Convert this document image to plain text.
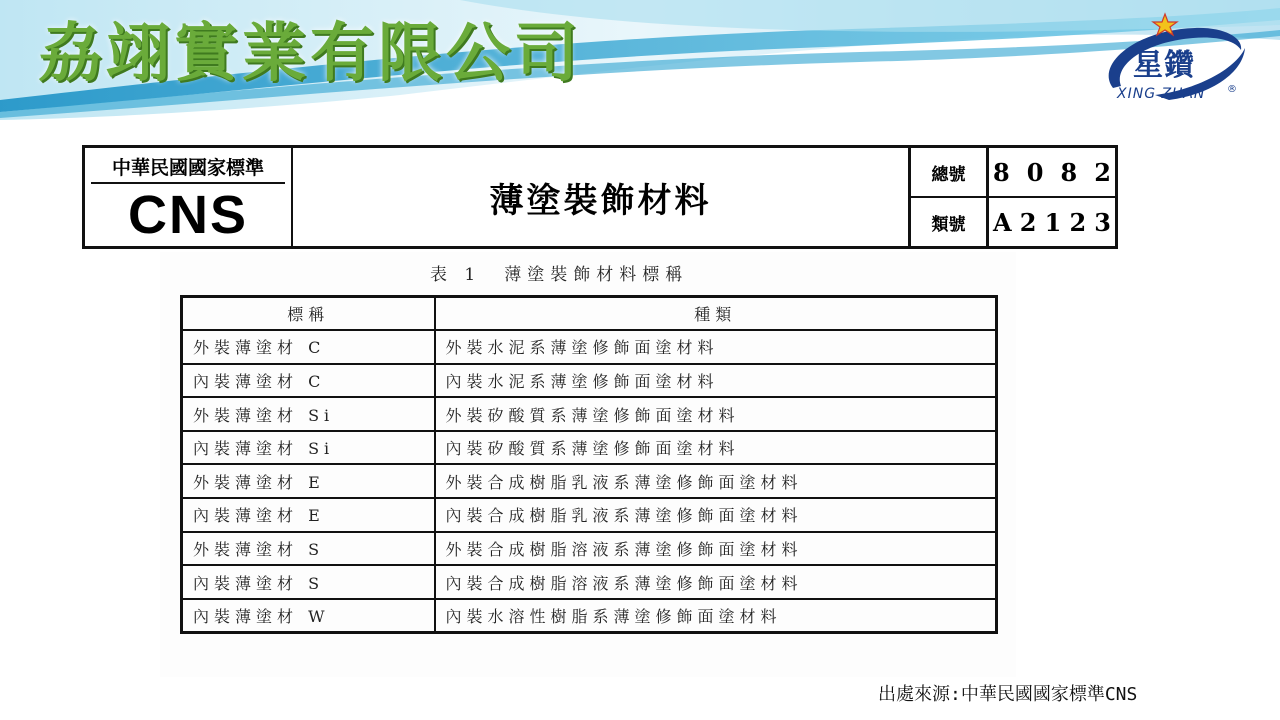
劦翊實業有限公司	星鑽
XING ZUAN ®
中華民國國家標準
CNS	薄塗裝飾材料
總號	8 0 8 2
類號	A 2 1 2 3
表 1　薄塗裝飾材料標稱
標稱	種類
外裝薄塗材 C	外裝水泥系薄塗修飾面塗材料
內裝薄塗材 C	內裝水泥系薄塗修飾面塗材料
外裝薄塗材 Si	外裝矽酸質系薄塗修飾面塗材料
內裝薄塗材 Si	內裝矽酸質系薄塗修飾面塗材料
外裝薄塗材 E	外裝合成樹脂乳液系薄塗修飾面塗材料
內裝薄塗材 E	內裝合成樹脂乳液系薄塗修飾面塗材料
外裝薄塗材 S	外裝合成樹脂溶液系薄塗修飾面塗材料
內裝薄塗材 S	內裝合成樹脂溶液系薄塗修飾面塗材料
內裝薄塗材 W	內裝水溶性樹脂系薄塗修飾面塗材料
出處來源:中華民國國家標準CNS
